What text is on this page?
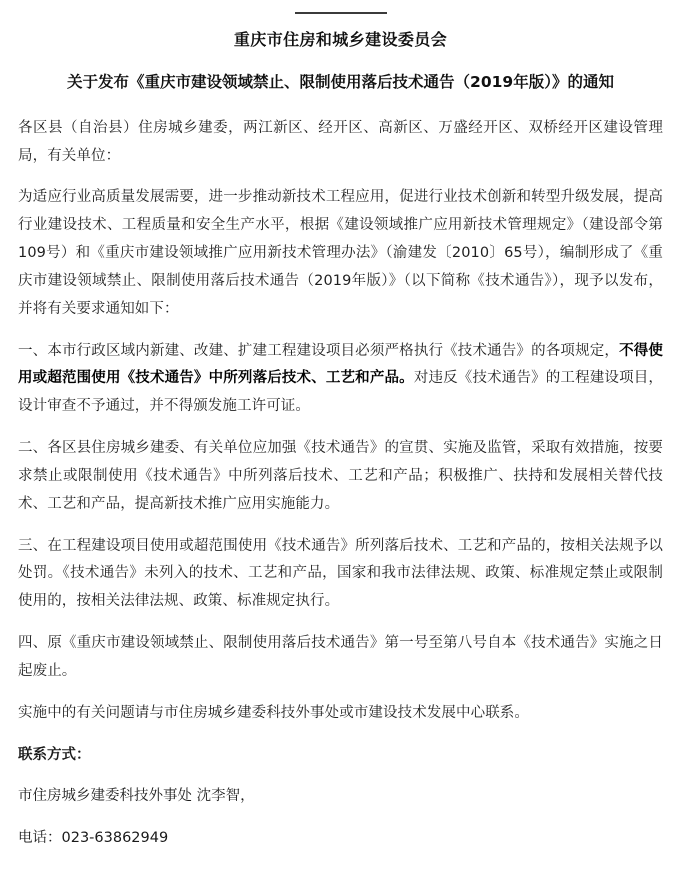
重庆市住房和城乡建设委员会
关于发布《重庆市建设领域禁止、限制使用落后技术通告（2019年版）》的通知

各区县（自治县）住房城乡建委，两江新区、经开区、高新区、万盛经开区、双桥经开区建设管理局，有关单位：

为适应行业高质量发展需要，进一步推动新技术工程应用，促进行业技术创新和转型升级发展，提高行业建设技术、工程质量和安全生产水平，根据《建设领域推广应用新技术管理规定》（建设部令第109号）和《重庆市建设领域推广应用新技术管理办法》（渝建发〔2010〕65号），编制形成了《重庆市建设领域禁止、限制使用落后技术通告（2019年版）》（以下简称《技术通告》），现予以发布，并将有关要求通知如下：

一、本市行政区域内新建、改建、扩建工程建设项目必须严格执行《技术通告》的各项规定，不得使用或超范围使用《技术通告》中所列落后技术、工艺和产品。对违反《技术通告》的工程建设项目，设计审查不予通过，并不得颁发施工许可证。

二、各区县住房城乡建委、有关单位应加强《技术通告》的宣贯、实施及监管，采取有效措施，按要求禁止或限制使用《技术通告》中所列落后技术、工艺和产品；积极推广、扶持和发展相关替代技术、工艺和产品，提高新技术推广应用实施能力。

三、在工程建设项目使用或超范围使用《技术通告》所列落后技术、工艺和产品的，按相关法规予以处罚。《技术通告》未列入的技术、工艺和产品，国家和我市法律法规、政策、标准规定禁止或限制使用的，按相关法律法规、政策、标准规定执行。

四、原《重庆市建设领域禁止、限制使用落后技术通告》第一号至第八号自本《技术通告》实施之日起废止。

实施中的有关问题请与市住房城乡建委科技外事处或市建设技术发展中心联系。

联系方式：

市住房城乡建委科技外事处 沈李智，

电话：023-63862949
